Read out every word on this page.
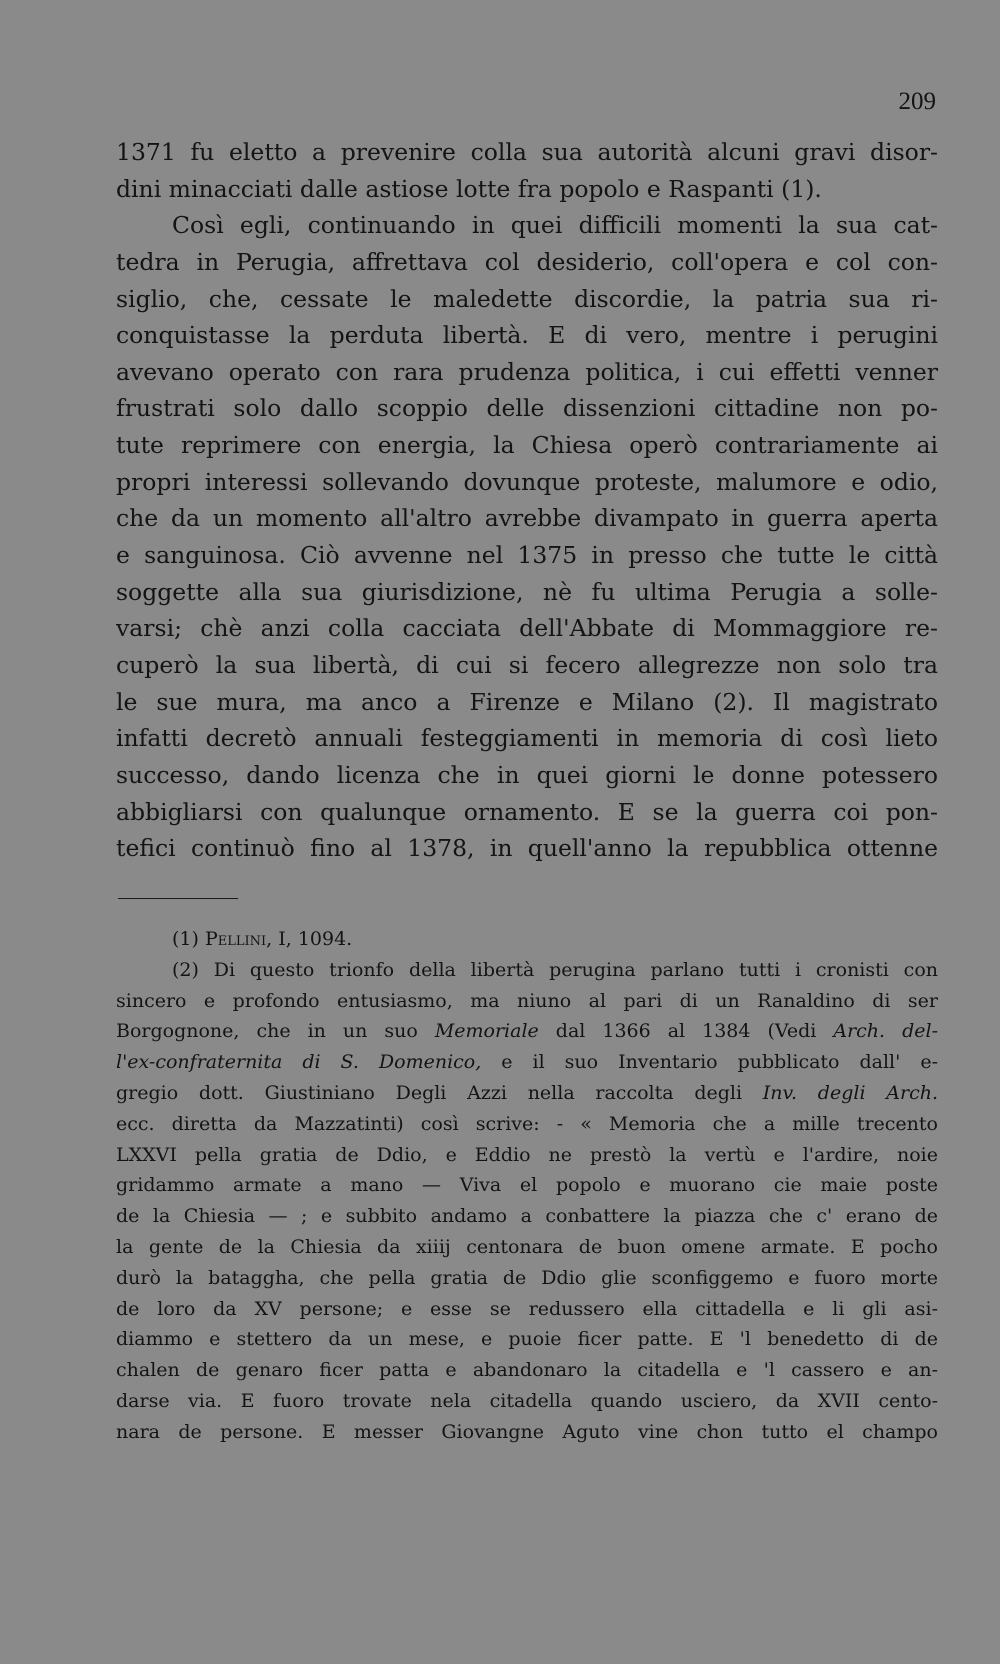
209
1371 fu eletto a prevenire colla sua autorità alcuni gravi disor-
dini minacciati dalle astiose lotte fra popolo e Raspanti (1).
Così egli, continuando in quei difficili momenti la sua cat-
tedra in Perugia, affrettava col desiderio, coll'opera e col con-
siglio, che, cessate le maledette discordie, la patria sua ri-
conquistasse la perduta libertà. E di vero, mentre i perugini
avevano operato con rara prudenza politica, i cui effetti venner
frustrati solo dallo scoppio delle dissenzioni cittadine non po-
tute reprimere con energia, la Chiesa operò contrariamente ai
propri interessi sollevando dovunque proteste, malumore e odio,
che da un momento all'altro avrebbe divampato in guerra aperta
e sanguinosa. Ciò avvenne nel 1375 in presso che tutte le città
soggette alla sua giurisdizione, nè fu ultima Perugia a solle-
varsi; chè anzi colla cacciata dell'Abbate di Mommaggiore re-
cuperò la sua libertà, di cui si fecero allegrezze non solo tra
le sue mura, ma anco a Firenze e Milano (2). Il magistrato
infatti decretò annuali festeggiamenti in memoria di così lieto
successo, dando licenza che in quei giorni le donne potessero
abbigliarsi con qualunque ornamento. E se la guerra coi pon-
tefici continuò fino al 1378, in quell'anno la repubblica ottenne
(1) Pellini, I, 1094.
(2) Di questo trionfo della libertà perugina parlano tutti i cronisti con
sincero e profondo entusiasmo, ma niuno al pari di un Ranaldino di ser
Borgognone, che in un suo Memoriale dal 1366 al 1384 (Vedi Arch. del-
l'ex-confraternita di S. Domenico, e il suo Inventario pubblicato dall' e-
gregio dott. Giustiniano Degli Azzi nella raccolta degli Inv. degli Arch.
ecc. diretta da Mazzatinti) così scrive: - « Memoria che a mille trecento
LXXVI pella gratia de Ddio, e Eddio ne prestò la vertù e l'ardire, noie
gridammo armate a mano — Viva el popolo e muorano cie maie poste
de la Chiesia — ; e subbito andamo a conbattere la piazza che c' erano de
la gente de la Chiesia da xiiij centonara de buon omene armate. E pocho
durò la bataggha, che pella gratia de Ddio glie sconfiggemo e fuoro morte
de loro da XV persone; e esse se redussero ella cittadella e li gli asi-
diammo e stettero da un mese, e puoie ficer patte. E 'l benedetto di de
chalen de genaro ficer patta e abandonaro la citadella e 'l cassero e an-
darse via. E fuoro trovate nela citadella quando usciero, da XVII cento-
nara de persone. E messer Giovangne Aguto vine chon tutto el champo
